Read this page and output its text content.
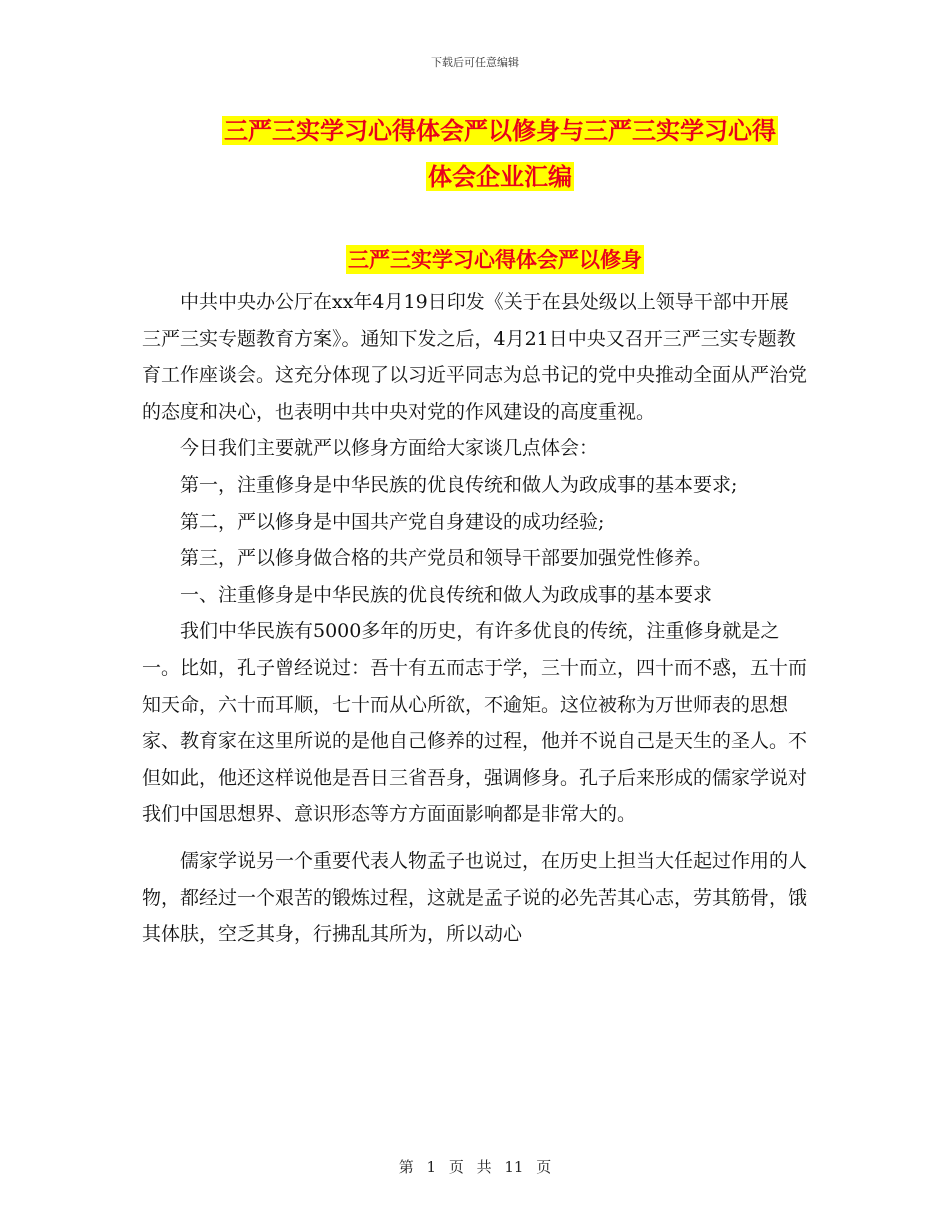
下载后可任意编辑
三严三实学习心得体会严以修身与三严三实学习心得
体会企业汇编
三严三实学习心得体会严以修身

中共中央办公厅在xx年4月19日印发《关于在县处级以上领导干部中开展三严三实专题教育方案》。通知下发之后，4月21日中央又召开三严三实专题教育工作座谈会。这充分体现了以习近平同志为总书记的党中央推动全面从严治党的态度和决心，也表明中共中央对党的作风建设的高度重视。

今日我们主要就严以修身方面给大家谈几点体会：

第一，注重修身是中华民族的优良传统和做人为政成事的基本要求;

第二，严以修身是中国共产党自身建设的成功经验;

第三，严以修身做合格的共产党员和领导干部要加强党性修养。

一、注重修身是中华民族的优良传统和做人为政成事的基本要求

我们中华民族有5000多年的历史，有许多优良的传统，注重修身就是之一。比如，孔子曾经说过：吾十有五而志于学，三十而立，四十而不惑，五十而知天命，六十而耳顺，七十而从心所欲，不逾矩。这位被称为万世师表的思想家、教育家在这里所说的是他自己修养的过程，他并不说自己是天生的圣人。不但如此，他还这样说他是吾日三省吾身，强调修身。孔子后来形成的儒家学说对我们中国思想界、意识形态等方方面面影响都是非常大的。

儒家学说另一个重要代表人物孟子也说过，在历史上担当大任起过作用的人物，都经过一个艰苦的锻炼过程，这就是孟子说的必先苦其心志，劳其筋骨，饿其体肤，空乏其身，行拂乱其所为，所以动心

第 1 页 共 11 页
